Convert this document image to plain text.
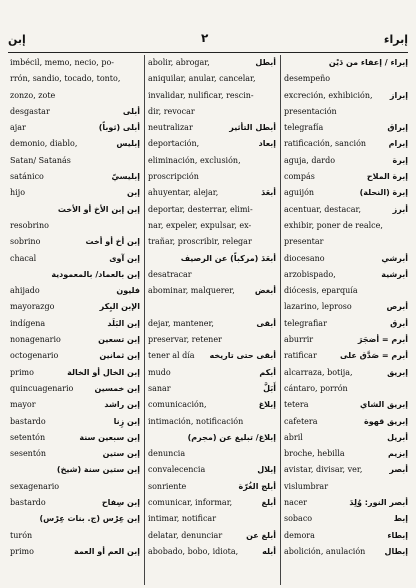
إبن	٢	إبراء
imbécil, memo, necio, po-
rrón, sandio, tocado, tonto,
zonzo, zote
desgastar	أبلى
ajar	أبلى (ثوباً)
demonio, diablo,	إبليس
Satan/ Satanás
satánico	إبليسيّ
hijo	إبن
إبن إبن الأخ أو الأخت
resobrino
sobrino	إبن أخ أو أخت
chacal	إبن آوى
إبن بالعماد/ بالمعمودية
ahijado	فليون
mayorazgo	الإبن البِكر
indígena	إبن البَلَد
nonagenario	إبن تسعين
octogenario	إبن ثمانين
primo	إبن الخال أو الخالة
quincuagenario	إبن خمسين
mayor	إبن راشد
bastardo	إبن زِنا
setentón	إبن سبعين سنة
sesentón	إبن ستين
إبن ستين سنة (شيخ)
sexagenario
bastardo	إبن سِفاح
إبن عِرْس (ج. بنات عِرْس)
turón
primo	إبن العم أو العمة
abolir, abrogar,	أبطل
aniquilar, anular, cancelar,
invalidar, nulificar, rescin-
dir, revocar
neutralizar	أبطل التأثير
deportación,	إبعاد
eliminación, exclusión,
proscripción
ahuyentar, alejar,	أبعَدَ
deportar, desterrar, elimi-
nar, expeler, expulsar, ex-
trañar, proscribir, relegar
أبعَدَ (مركباً) عن الرصيف
desatracar
abominar, malquerer,	أبغض
dejar, mantener,	أبقى
preservar, retener
tener al día أبقى حتى تاريخه
mudo	أبكم
sanar	أَبَلَّ
comunicación,	إبلاغ
intimación, notificación
إبلاغ/ تبليغ عن (مجرم)
denuncia
convalecencia	إبلال
sonriente	أبلج الغُرّة
comunicar, informar,	أبلغ
intimar, notificar
delatar, denunciar	أبلغ عن
abobado, bobo, idiota,	أبله
إبراء / إعفاء من دَيْن
desempeño
excreción, exhibición, إبراز
presentación
telegrafía	إبراق
ratificación, sanción	إبرام
aguja, dardo	إبرة
compás	إبرة الملاح
aguijón	إبرة (النحلة)
acentuar, destacar,	أبرز
exhibir, poner de realce,
presentar
diocesano	أبرشي
arzobispado,	أبرشية
diócesis, eparquía
lazarino, leproso	أبرص
telegrafiar	أبرق
aburrir	أبرم = أضجَرَ
ratificar	أبرم = صَدَّق على
alcarraza, botija,	إبريق
cántaro, porrón
tetera	إبريق الشاي
cafetera	إبريق قهوة
abril	أبريل
broche, hebilla	إبزيم
avistar, divisar, ver,	أبصر
vislumbrar
nacer	أبصر النور: وُلِدَ
sobaco	إبط
demora	إبطاء
abolición, anulación إبطال
